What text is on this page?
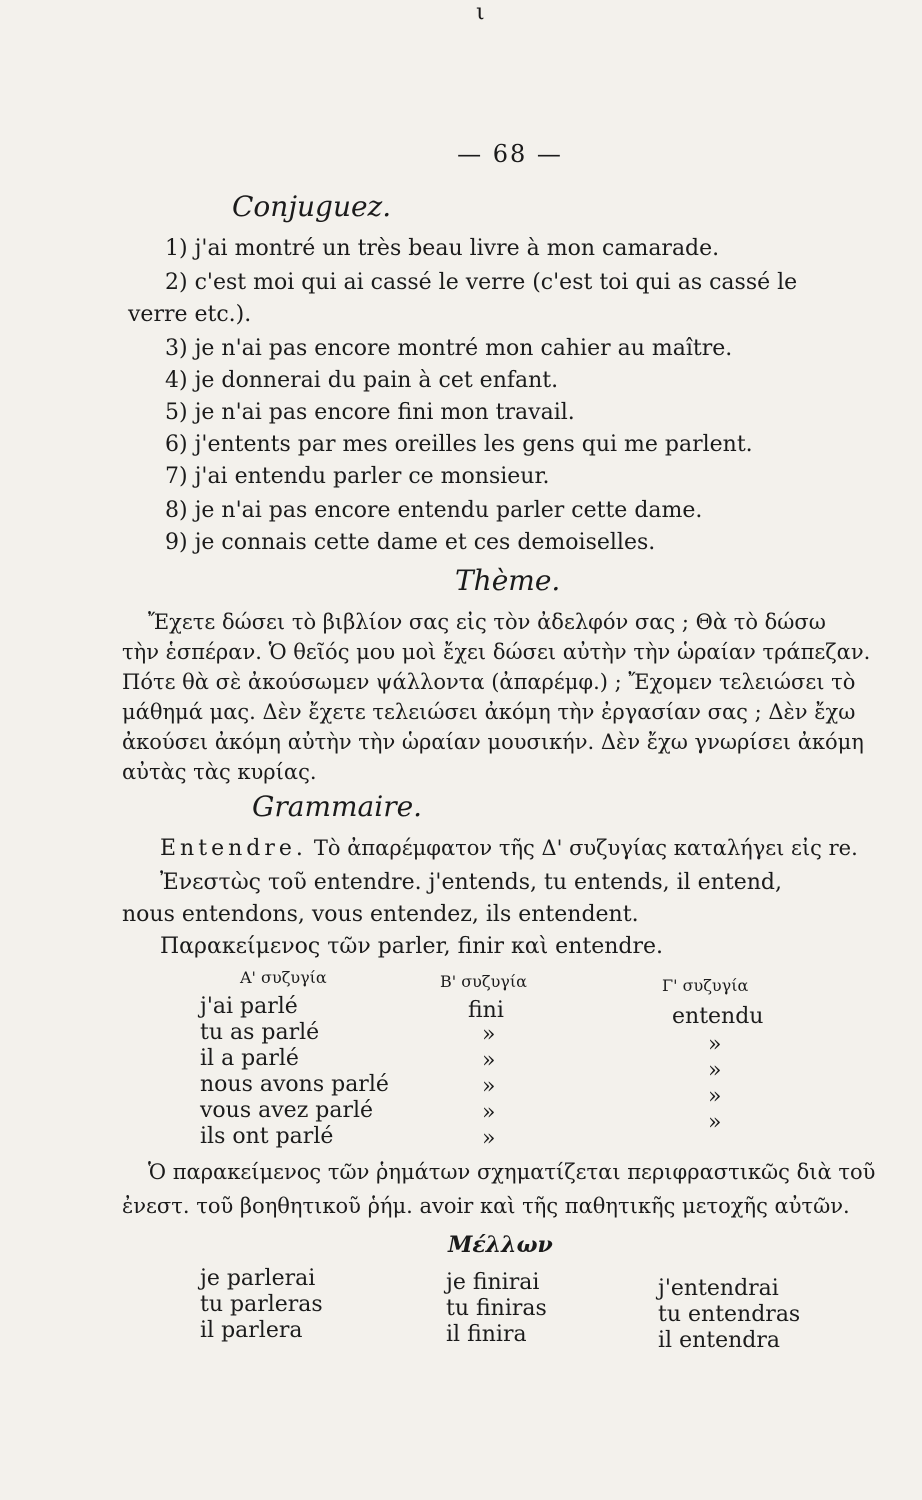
ι
— 68 —
Conjuguez.
1) j'ai montré un très beau livre à mon camarade.
2) c'est moi qui ai cassé le verre (c'est toi qui as cassé le
verre etc.).
3) je n'ai pas encore montré mon cahier au maître.
4) je donnerai du pain à cet enfant.
5) je n'ai pas encore fini mon travail.
6) j'entents par mes oreilles les gens qui me parlent.
7) j'ai entendu parler ce monsieur.
8) je n'ai pas encore entendu parler cette dame.
9) je connais cette dame et ces demoiselles.
Thème.
Ἔχετε δώσει τὸ βιβλίον σας εἰς τὸν ἀδελφόν σας ; Θὰ τὸ δώσω
τὴν ἑσπέραν. Ὁ θεῖός μου μοὶ ἔχει δώσει αὐτὴν τὴν ὡραίαν τράπεζαν.
Πότε θὰ σὲ ἀκούσωμεν ψάλλοντα (ἀπαρέμφ.) ; Ἔχομεν τελειώσει τὸ
μάθημά μας. Δὲν ἔχετε τελειώσει ἀκόμη τὴν ἐργασίαν σας ; Δὲν ἔχω
ἀκούσει ἀκόμη αὐτὴν τὴν ὡραίαν μουσικήν. Δὲν ἔχω γνωρίσει ἀκόμη
αὐτὰς τὰς κυρίας.
Grammaire.
Entendre. Τὸ ἀπαρέμφατον τῆς Δ' συζυγίας καταλήγει εἰς re.
Ἐνεστὼς τοῦ entendre. j'entends, tu entends, il entend,
nous entendons, vous entendez, ils entendent.
Παρακείμενος τῶν parler, finir καὶ entendre.
Α' συζυγία	Β' συζυγία	Γ' συζυγία
j'ai parlé
tu as parlé
il a parlé
nous avons parlé
vous avez parlé
ils ont parlé
fini
»
»
»
»
»
entendu
»
»
»
»
Ὁ παρακείμενος τῶν ῥημάτων σχηματίζεται περιφραστικῶς διὰ τοῦ
ἐνεστ. τοῦ βοηθητικοῦ ῥήμ. avoir καὶ τῆς παθητικῆς μετοχῆς αὐτῶν.
Μέλλων
je parlerai
tu parleras
il parlera
je finirai
tu finiras
il finira
j'entendrai
tu entendras
il entendra
